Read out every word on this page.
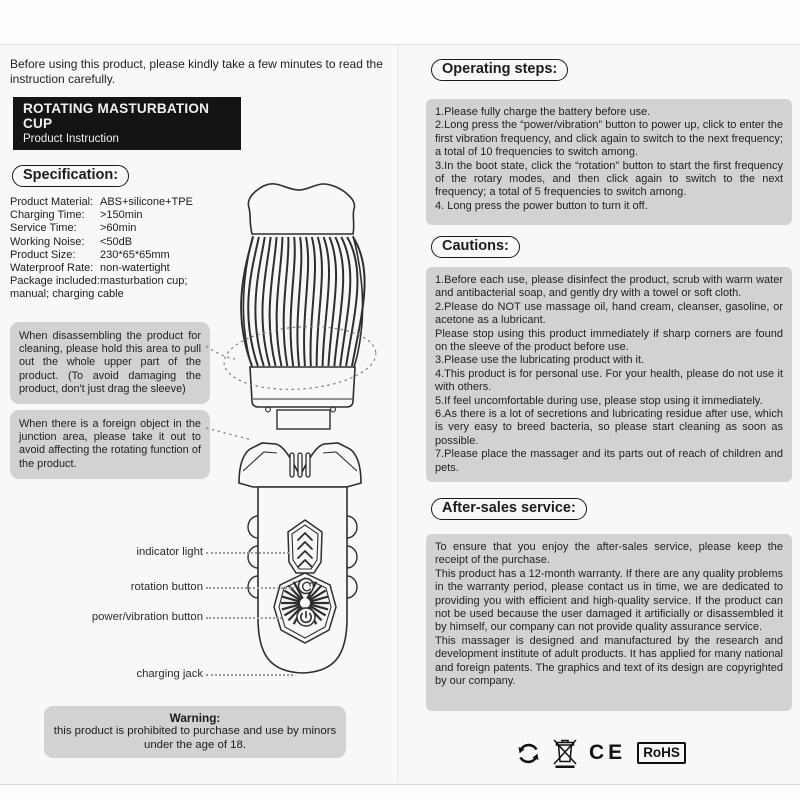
Before using this product, please kindly take a few minutes to read the instruction carefully.
ROTATING MASTURBATION CUP
Product Instruction
Specification:
Product Material: ABS+silicone+TPE
Charging Time:	>150min
Service Time:	>60min
Working Noise:	<50dB
Product Size:	230*65*65mm
Waterproof Rate: non-watertight
Package included: masturbation cup;
manual; charging cable
When disassembling the product for cleaning, please hold this area to pull out the whole upper part of the product. (To avoid damaging the product, don't just drag the sleeve)
When there is a foreign object in the junction area, please take it out to avoid affecting the rotating function of the product.
indicator light
rotation button
power/vibration button
charging jack
Warning:
this product is prohibited to purchase and use by minors under the age of 18.
Operating steps:

1.Please fully charge the battery before use.

2.Long press the “power/vibration” button to power up, click to enter the first vibration frequency, and click again to switch to the next frequency; a total of 10 frequencies to switch among.

3.In the boot state, click the “rotation” button to start the first frequency of the rotary modes, and then click again to switch to the next frequency; a total of 5 frequencies to switch among.

4. Long press the power button to turn it off.

Cautions:

1.Before each use, please disinfect the product, scrub with warm water and antibacterial soap, and gently dry with a towel or soft cloth.

2.Please do NOT use massage oil, hand cream, cleanser, gasoline, or acetone as a lubricant.

Please stop using this product immediately if sharp corners are found on the sleeve of the product before use.

3.Please use the lubricating product with it.

4.This product is for personal use. For your health, please do not use it with others.

5.If feel uncomfortable during use, please stop using it immediately.

6.As there is a lot of secretions and lubricating residue after use, which is very easy to breed bacteria, so please start cleaning as soon as possible.

7.Please place the massager and its parts out of reach of children and pets.

After-sales service:

To ensure that you enjoy the after-sales service, please keep the receipt of the purchase.

This product has a 12-month warranty. If there are any quality problems in the warranty period, please contact us in time, we are dedicated to providing you with efficient and high-quality service. If the product can not be used because the user damaged it artificially or disassembled it by himself, our company can not provide quality assurance service.

This massager is designed and manufactured by the research and development institute of adult products. It has applied for many national and foreign patents. The graphics and text of its design are copyrighted by our company.

CE	RoHS
